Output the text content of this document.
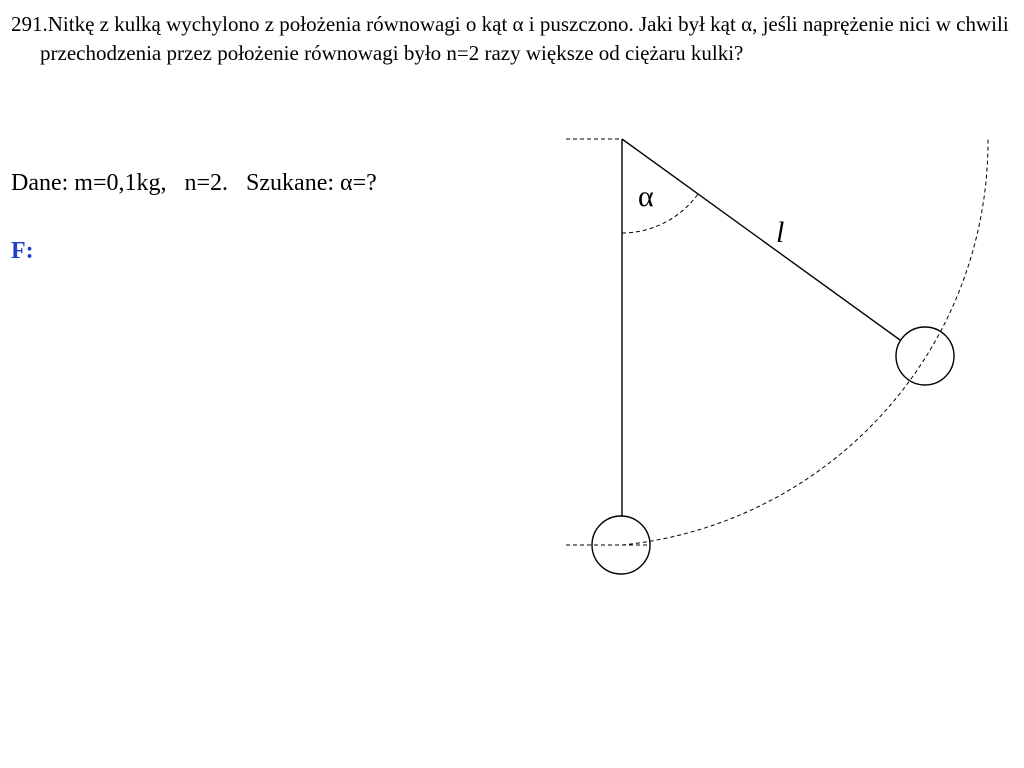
291.Nitkę z kulką wychylono z położenia równowagi o kąt α i puszczono. Jaki był kąt α, jeśli naprężenie nici w chwili przechodzenia przez położenie równowagi było n=2 razy większe od ciężaru kulki?

Dane: m=0,1kg,   n=2.   Szukane: α=?

F:

α
l
